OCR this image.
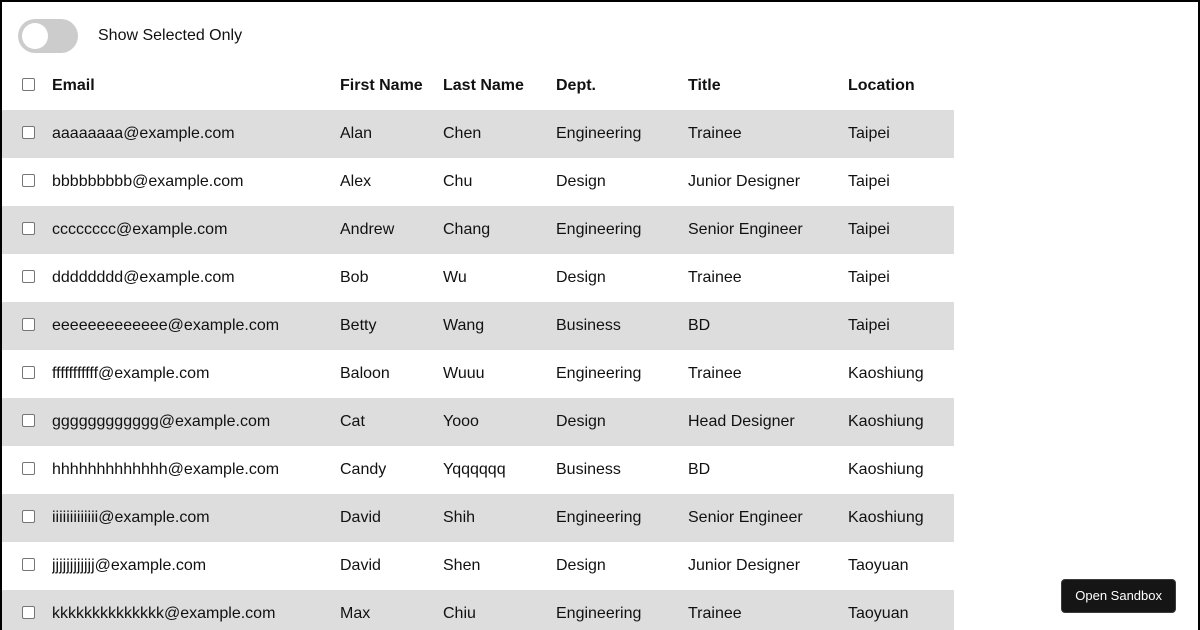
Show Selected Only
	Email	First Name	Last Name	Dept.	Title	Location
	aaaaaaaa@example.com	Alan	Chen	Engineering	Trainee	Taipei
	bbbbbbbbb@example.com	Alex	Chu	Design	Junior Designer	Taipei
	cccccccc@example.com	Andrew	Chang	Engineering	Senior Engineer	Taipei
	dddddddd@example.com	Bob	Wu	Design	Trainee	Taipei
	eeeeeeeeeeeee@example.com	Betty	Wang	Business	BD	Taipei
	fffffffffff@example.com	Baloon	Wuuu	Engineering	Trainee	Kaoshiung
	gggggggggggg@example.com	Cat	Yooo	Design	Head Designer	Kaoshiung
	hhhhhhhhhhhhh@example.com	Candy	Yqqqqqq	Business	BD	Kaoshiung
	iiiiiiiiiiiii@example.com	David	Shih	Engineering	Senior Engineer	Kaoshiung
	jjjjjjjjjjjj@example.com	David	Shen	Design	Junior Designer	Taoyuan
	kkkkkkkkkkkkkk@example.com	Max	Chiu	Engineering	Trainee	Taoyuan
Open Sandbox
